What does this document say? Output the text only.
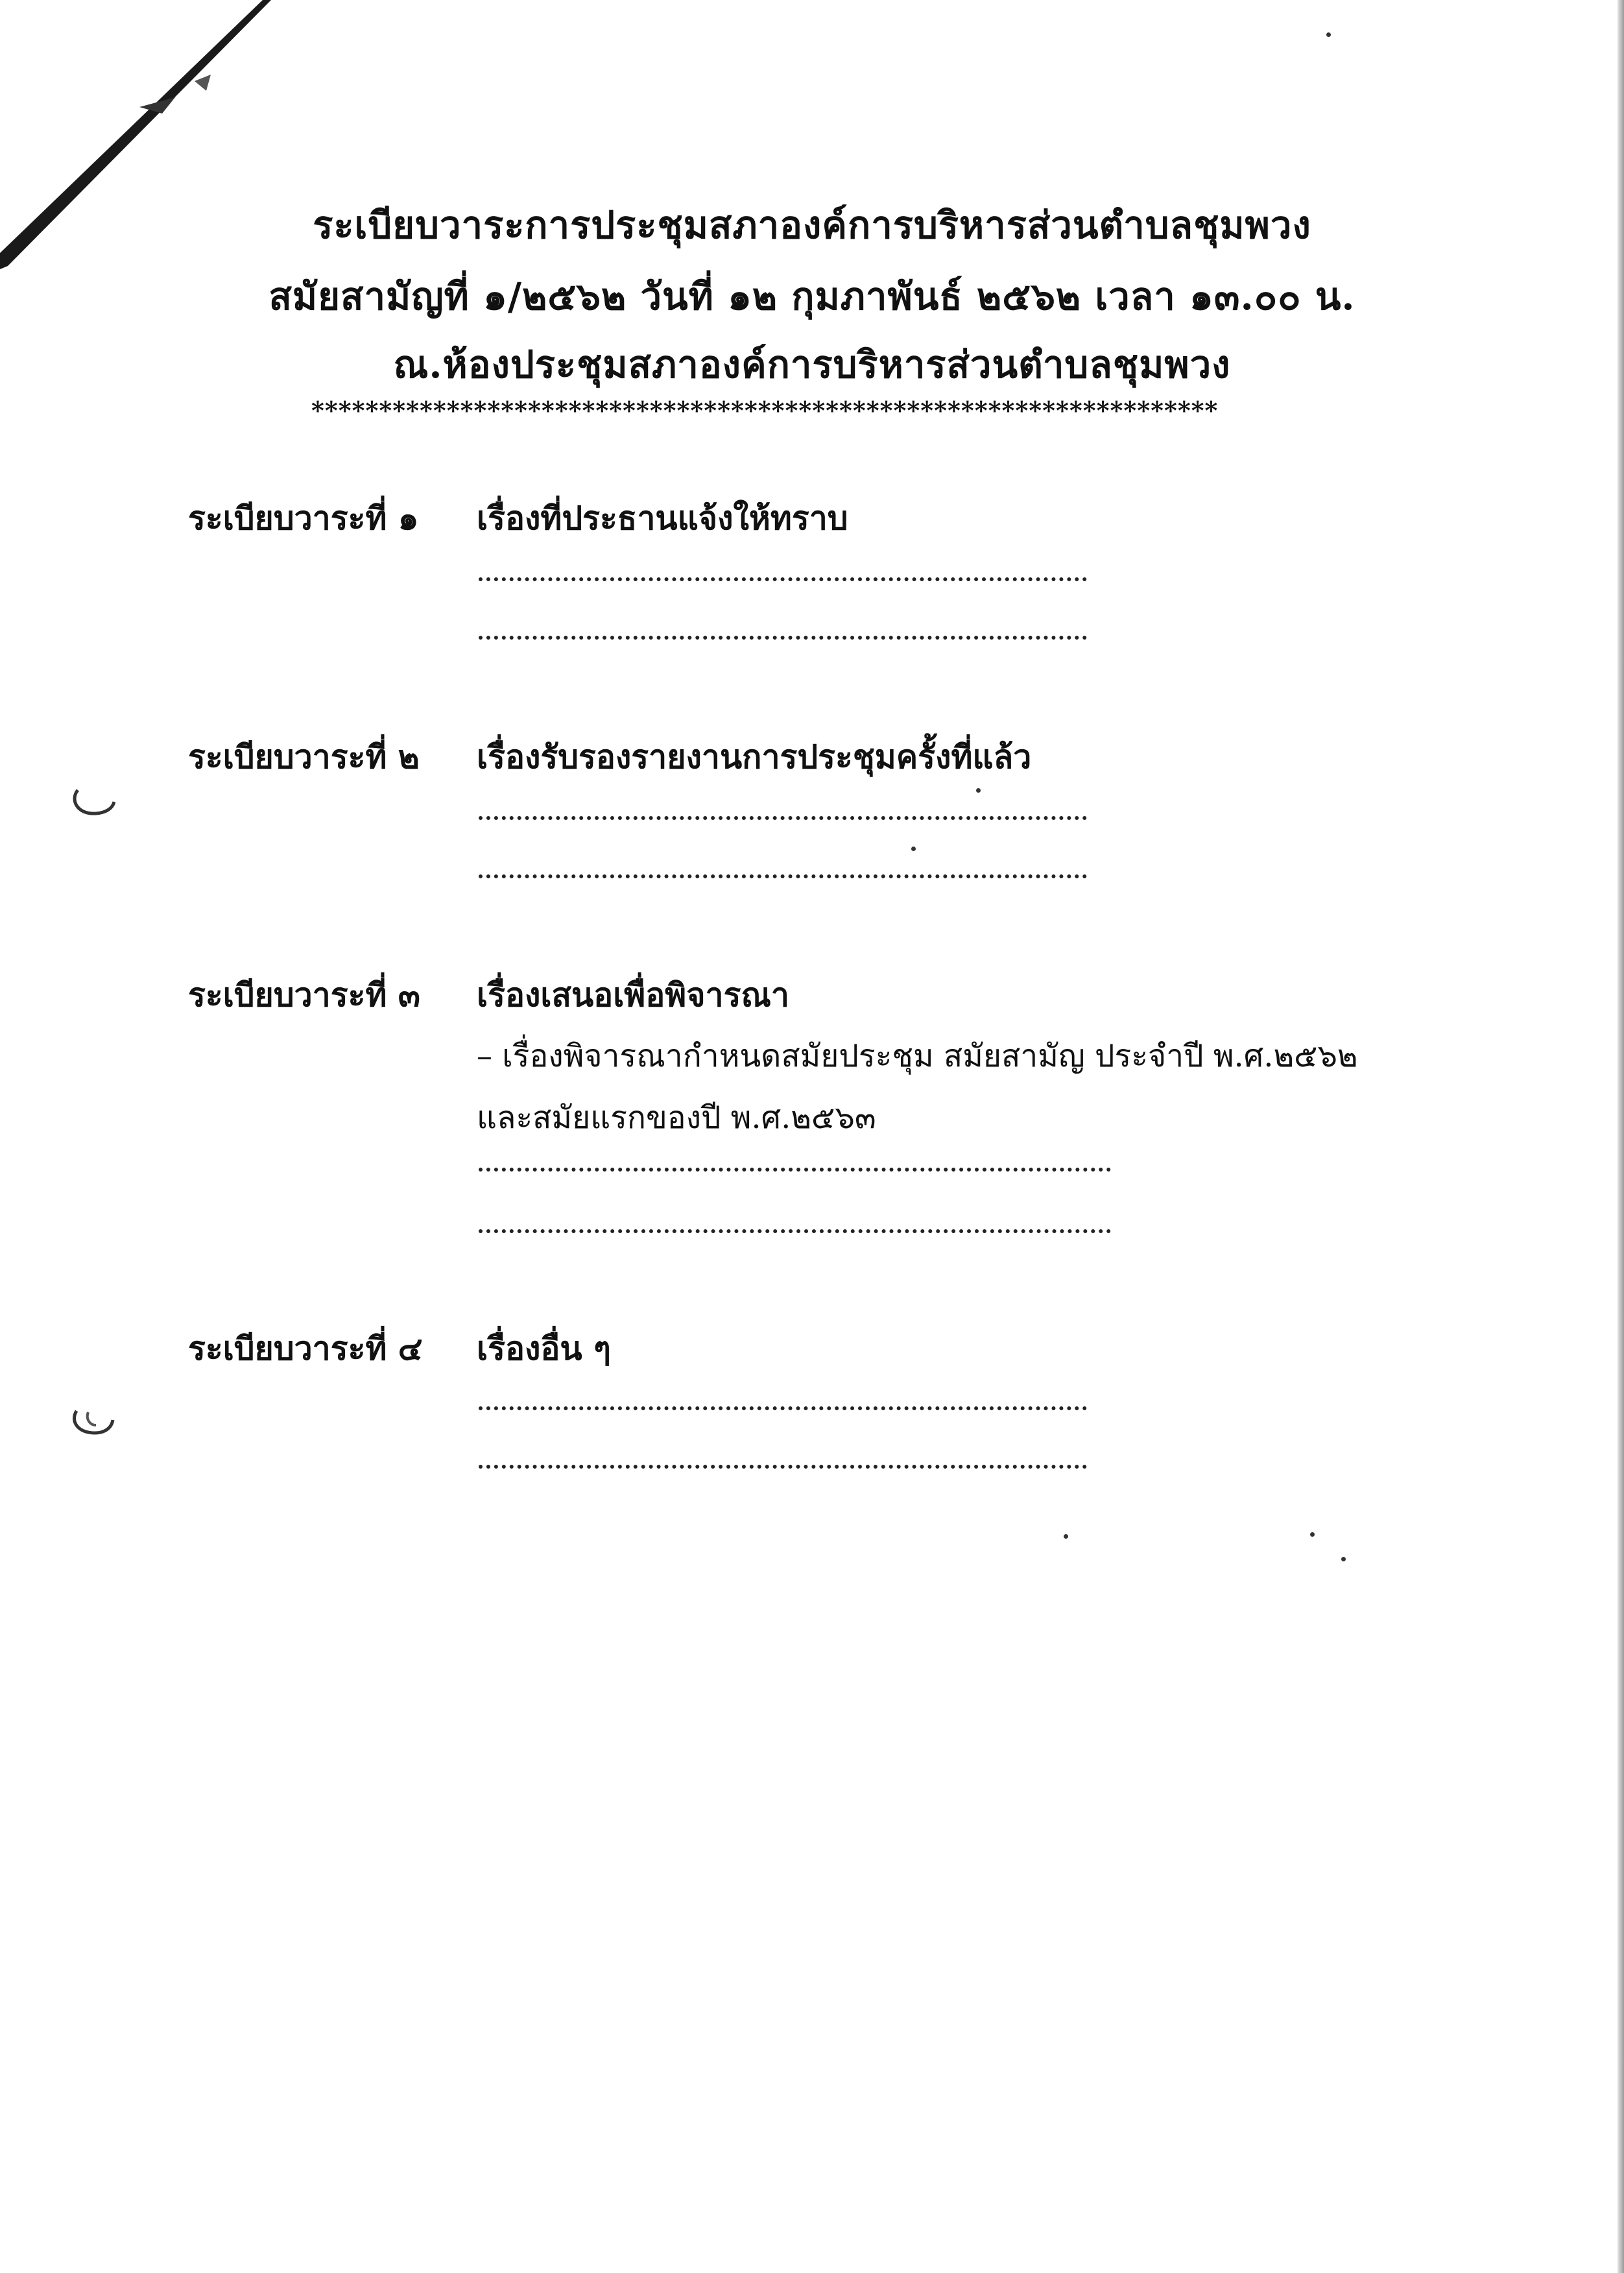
ระเบียบวาระการประชุมสภาองค์การบริหารส่วนตำบลชุมพวง
สมัยสามัญที่ ๑/๒๕๖๒ วันที่ ๑๒ กุมภาพันธ์ ๒๕๖๒ เวลา ๑๓.๐๐ น.
ณ.ห้องประชุมสภาองค์การบริหารส่วนตำบลชุมพวง
*******************************************************************
ระเบียบวาระที่ ๑ เรื่องที่ประธานแจ้งให้ทราบ
ระเบียบวาระที่ ๒ เรื่องรับรองรายงานการประชุมครั้งที่แล้ว
ระเบียบวาระที่ ๓ เรื่องเสนอเพื่อพิจารณา
– เรื่องพิจารณากำหนดสมัยประชุม สมัยสามัญ ประจำปี พ.ศ.๒๕๖๒
และสมัยแรกของปี พ.ศ.๒๕๖๓
ระเบียบวาระที่ ๔ เรื่องอื่น ๆ
